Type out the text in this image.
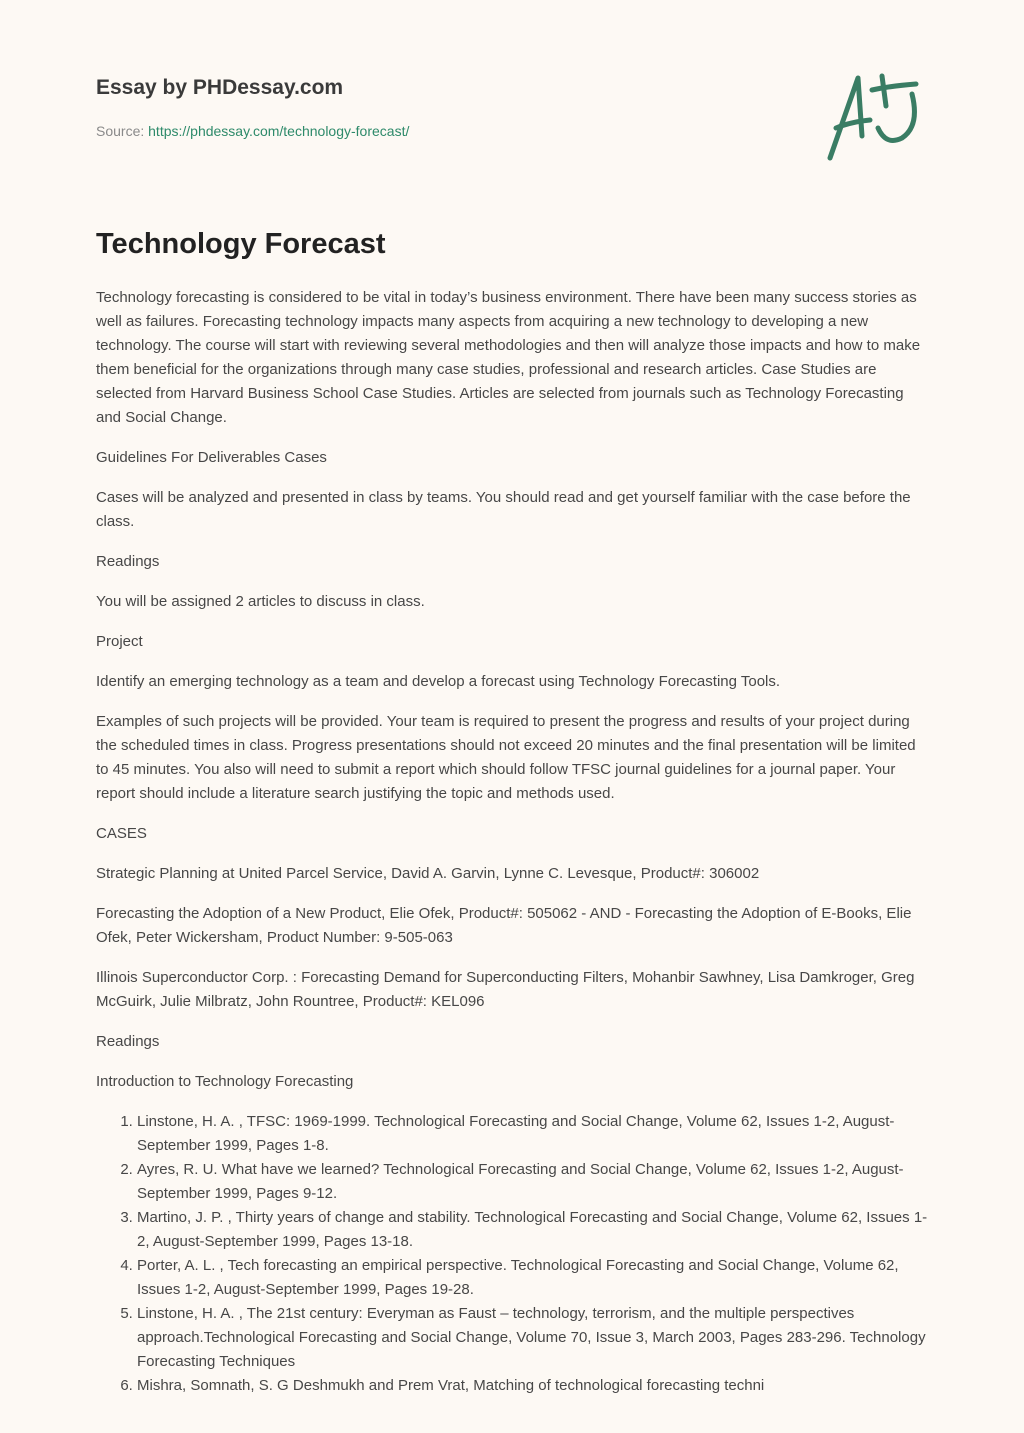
Essay by PHDessay.com

Source: https://phdessay.com/technology-forecast/
Technology Forecast

Technology forecasting is considered to be vital in today’s business environment. There have been many success stories as well as failures. Forecasting technology impacts many aspects from acquiring a new technology to developing a new technology. The course will start with reviewing several methodologies and then will analyze those impacts and how to make them beneficial for the organizations through many case studies, professional and research articles. Case Studies are selected from Harvard Business School Case Studies. Articles are selected from journals such as Technology Forecasting and Social Change.

Guidelines For Deliverables Cases

Cases will be analyzed and presented in class by teams. You should read and get yourself familiar with the case before the class.

Readings

You will be assigned 2 articles to discuss in class.

Project

Identify an emerging technology as a team and develop a forecast using Technology Forecasting Tools.

Examples of such projects will be provided. Your team is required to present the progress and results of your project during the scheduled times in class. Progress presentations should not exceed 20 minutes and the final presentation will be limited to 45 minutes. You also will need to submit a report which should follow TFSC journal guidelines for a journal paper. Your report should include a literature search justifying the topic and methods used.

CASES

Strategic Planning at United Parcel Service, David A. Garvin, Lynne C. Levesque, Product#: 306002

Forecasting the Adoption of a New Product, Elie Ofek, Product#: 505062 - AND - Forecasting the Adoption of E-Books, Elie Ofek, Peter Wickersham, Product Number: 9-505-063

Illinois Superconductor Corp. : Forecasting Demand for Superconducting Filters, Mohanbir Sawhney, Lisa Damkroger, Greg McGuirk, Julie Milbratz, John Rountree, Product#: KEL096

Readings

Introduction to Technology Forecasting

1. Linstone, H. A. , TFSC: 1969-1999. Technological Forecasting and Social Change, Volume 62, Issues 1-2, August-September 1999, Pages 1-8.
2. Ayres, R. U. What have we learned? Technological Forecasting and Social Change, Volume 62, Issues 1-2, August-September 1999, Pages 9-12.
3. Martino, J. P. , Thirty years of change and stability. Technological Forecasting and Social Change, Volume 62, Issues 1-2, August-September 1999, Pages 13-18.
4. Porter, A. L. , Tech forecasting an empirical perspective. Technological Forecasting and Social Change, Volume 62, Issues 1-2, August-September 1999, Pages 19-28.
5. Linstone, H. A. , The 21st century: Everyman as Faust – technology, terrorism, and the multiple perspectives approach.Technological Forecasting and Social Change, Volume 70, Issue 3, March 2003, Pages 283-296. Technology Forecasting Techniques
6. Mishra, Somnath, S. G Deshmukh and Prem Vrat, Matching of technological forecasting techni
